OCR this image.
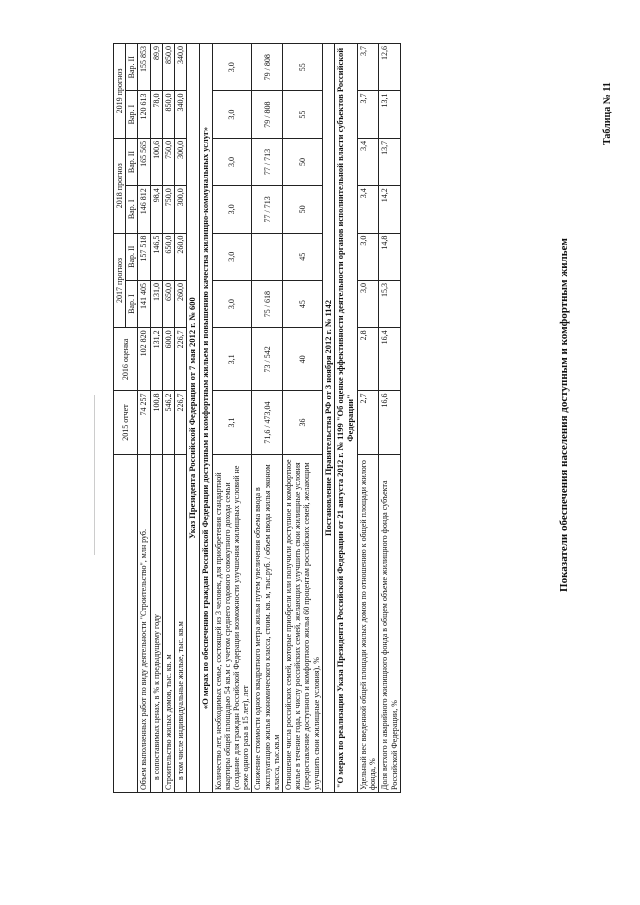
Таблица № 11
Показатели обеспечения населения доступным и комфортным жильем
	2015 отчет	2016 оценка	2017 прогноз		2018 прогноз		2019 прогноз	
			Вар. I	Вар. II	Вар. I	Вар. II	Вар. I	Вар. II
Объем выполненных работ по виду деятельности "Строительство", млн руб.	74 257	102 820	141 405	157 518	146 812	165 565	120 613	155 853
в сопоставимых ценах, в % к предыдущему году	100,8	131,2	131,0	146,5	98,4	100,6	78,0	89,9
Строительство жилых домов, тыс. кв. м	546,2	600,0	650,0	650,0	750,0	750,0	850,0	850,0
в том числе индивидуальные жилые, тыс. кв.м	226,7	226,7	260,0	260,0	300,0	300,0	340,0	340,0
Указ Президента Российской Федерации от 7 мая 2012 г. № 600								
«О мерах по обеспечению граждан Российской Федерации доступным и комфортным жильем и повышению качества жилищно-коммунальных услуг»								
Количество лет, необходимых семье, состоящей из 3 человек, для приобретения стандартной квартиры общей площадью 54 кв.м с учетом среднего годового совокупного дохода семьи (создание для граждан Российской Федерации возможности улучшения жилищных условий не реже одного раза в 15 лет), лет	3,1	3,1	3,0	3,0	3,0	3,0	3,0	3,0
Снижение стоимости одного квадратного метра жилья путем увеличения объема ввода в эксплуатацию жилья экономического класса, стоим. кв. м, тыс.руб. / объем ввода жилья эконом класса, тыс.кв.м	71,6 / 473,04	73 / 542	75 / 618		77 / 713	77 / 713	79 / 808	79 / 808
Отношение числа российских семей, которые приобрели или получили доступное и комфортное жилье в течение года, к числу российских семей, желающих улучшить свои жилищные условия (предоставление доступного и комфортного жилья 60 процентам российских семей, желающим улучшить свои жилищные условия), %	36	40	45	45	50	50	55	55
Постановление Правительства РФ от 3 ноября 2012 г. № 1142								
"О мерах по реализации Указа Президента Российской Федерации от 21 августа 2012 г. № 1199 "Об оценке эффективности деятельности органов исполнительной власти субъектов Российской Федерации"								
Удельный вес введенной общей площади жилых домов по отношению к общей площади жилого фонда, %	2,7	2,8	3,0	3,0	3,4	3,4	3,7	3,7
Доля ветхого и аварийного жилищного фонда в общем объеме жилищного фонда субъекта Российской Федерации, %	16,6	16,4	15,3	14,8	14,2	13,7	13,1	12,6
